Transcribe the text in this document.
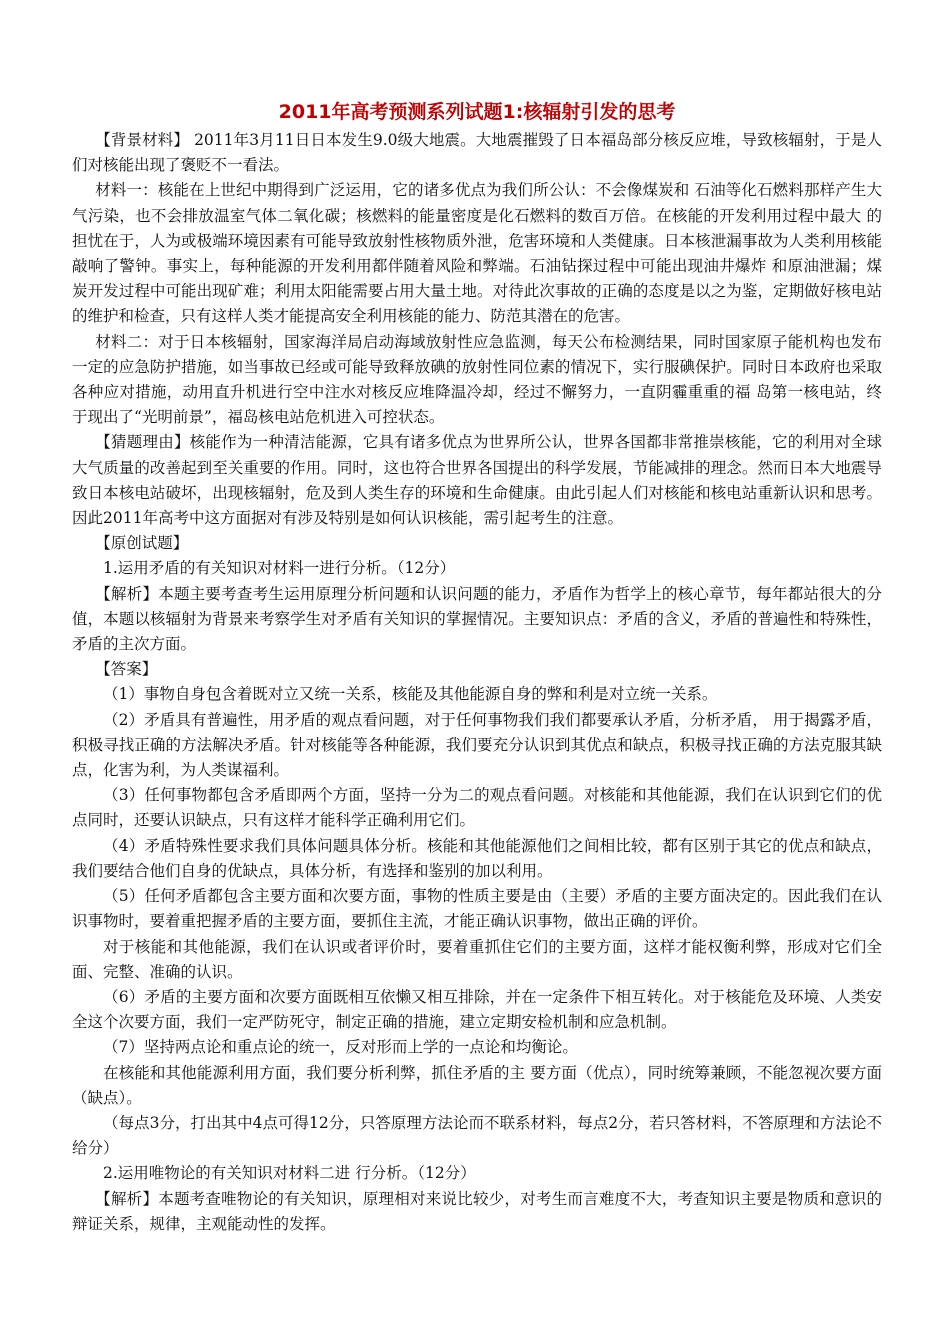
2011年高考预测系列试题1:核辐射引发的思考

【背景材料】 2011年3月11日日本发生9.0级大地震。大地震摧毁了日本福岛部分核反应堆，导致核辐射，于是人们对核能出现了褒贬不一看法。

材料一：核能在上世纪中期得到广泛运用，它的诸多优点为我们所公认：不会像煤炭和 石油等化石燃料那样产生大气污染，也不会排放温室气体二氧化碳；核燃料的能量密度是化石燃料的数百万倍。在核能的开发利用过程中最大 的担忧在于，人为或极端环境因素有可能导致放射性核物质外泄，危害环境和人类健康。日本核泄漏事故为人类利用核能 敲响了警钟。事实上，每种能源的开发利用都伴随着风险和弊端。石油钻探过程中可能出现油井爆炸 和原油泄漏；煤炭开发过程中可能出现矿难；利用太阳能需要占用大量土地。对待此次事故的正确的态度是以之为鉴，定期做好核电站的维护和检查，只有这样人类才能提高安全利用核能的能力、防范其潜在的危害。

材料二：对于日本核辐射，国家海洋局启动海域放射性应急监测，每天公布检测结果，同时国家原子能机构也发布一定的应急防护措施，如当事故已经或可能导致释放碘的放射性同位素的情况下，实行服碘保护。同时日本政府也采取各种应对措施，动用直升机进行空中注水对核反应堆降温冷却，经过不懈努力，一直阴霾重重的福 岛第一核电站，终于现出了“光明前景”，福岛核电站危机进入可控状态。

【猜题理由】核能作为一种清洁能源，它具有诸多优点为世界所公认，世界各国都非常推崇核能，它的利用对全球大气质量的改善起到至关重要的作用。同时，这也符合世界各国提出的科学发展，节能减排的理念。然而日本大地震导致日本核电站破坏，出现核辐射，危及到人类生存的环境和生命健康。由此引起人们对核能和核电站重新认识和思考。因此2011年高考中这方面据对有涉及特别是如何认识核能，需引起考生的注意。

【原创试题】

1.运用矛盾的有关知识对材料一进行分析。（12分）

【解析】本题主要考查考生运用原理分析问题和认识问题的能力，矛盾作为哲学上的核心章节，每年都站很大的分值，本题以核辐射为背景来考察学生对矛盾有关知识的掌握情况。主要知识点：矛盾的含义，矛盾的普遍性和特殊性，矛盾的主次方面。

【答案】

（1）事物自身包含着既对立又统一关系，核能及其他能源自身的弊和利是对立统一关系。

（2）矛盾具有普遍性，用矛盾的观点看问题，对于任何事物我们我们都要承认矛盾，分析矛盾， 用于揭露矛盾，积极寻找正确的方法解决矛盾。针对核能等各种能源，我们要充分认识到其优点和缺点，积极寻找正确的方法克服其缺点，化害为利，为人类谋福利。

（3）任何事物都包含矛盾即两个方面，坚持一分为二的观点看问题。对核能和其他能源，我们在认识到它们的优点同时，还要认识缺点，只有这样才能科学正确利用它们。

（4）矛盾特殊性要求我们具体问题具体分析。核能和其他能源他们之间相比较，都有区别于其它的优点和缺点，我们要结合他们自身的优缺点，具体分析，有选择和鉴别的加以利用。

（5）任何矛盾都包含主要方面和次要方面，事物的性质主要是由（主要）矛盾的主要方面决定的。因此我们在认识事物时，要着重把握矛盾的主要方面，要抓住主流，才能正确认识事物，做出正确的评价。

对于核能和其他能源，我们在认识或者评价时，要着重抓住它们的主要方面，这样才能权衡利弊，形成对它们全面、完整、准确的认识。

（6）矛盾的主要方面和次要方面既相互依懒又相互排除，并在一定条件下相互转化。对于核能危及环境、人类安全这个次要方面，我们一定严防死守，制定正确的措施，建立定期安检机制和应急机制。

（7）坚持两点论和重点论的统一，反对形而上学的一点论和均衡论。

在核能和其他能源利用方面，我们要分析利弊，抓住矛盾的主 要方面（优点），同时统筹兼顾，不能忽视次要方面（缺点）。

（每点3分，打出其中4点可得12分，只答原理方法论而不联系材料，每点2分，若只答材料，不答原理和方法论不给分）

2.运用唯物论的有关知识对材料二进 行分析。（12分）

【解析】本题考查唯物论的有关知识，原理相对来说比较少，对考生而言难度不大，考查知识主要是物质和意识的辩证关系，规律，主观能动性的发挥。
